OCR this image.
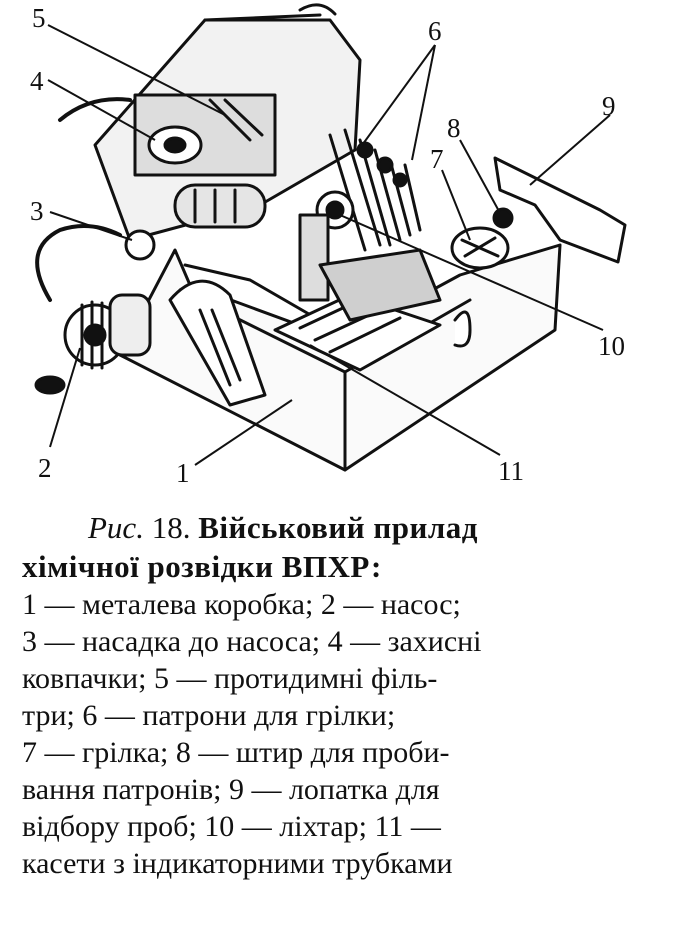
1
2
3
4
5	6
7
8
9
10
11

Рис. 18. Військовий прилад

хімічної розвідки ВПХР:

1 — металева коробка; 2 — насос;

3 — насадка до насоса; 4 — захисні

ковпачки; 5 — протидимні філь-

три; 6 — патрони для грілки;

7 — грілка; 8 — штир для проби-

вання патронів; 9 — лопатка для

відбору проб; 10 — ліхтар; 11 —

касети з індикаторними трубками
